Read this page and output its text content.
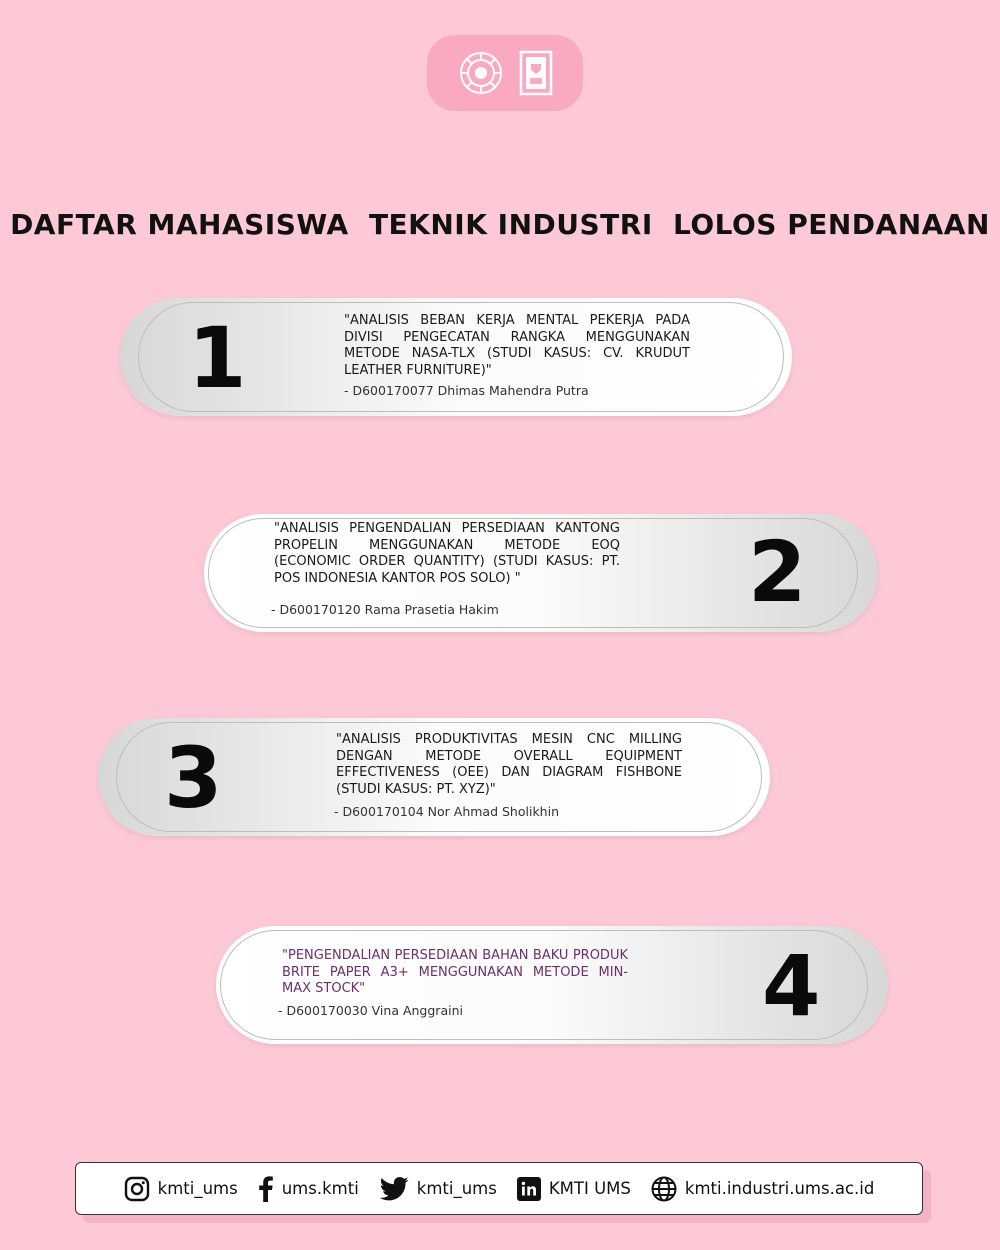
DAFTAR MAHASISWA TEKNIK INDUSTRI LOLOS PENDANAAN
1	"ANALISIS BEBAN KERJA MENTAL PEKERJA PADA DIVISI PENGECATAN RANGKA MENGGUNAKAN METODE NASA-TLX (STUDI KASUS: CV. KRUDUT LEATHER FURNITURE)"
- D600170077 Dhimas Mahendra Putra
"ANALISIS PENGENDALIAN PERSEDIAAN KANTONG PROPELIN MENGGUNAKAN METODE EOQ (ECONOMIC ORDER QUANTITY) (STUDI KASUS: PT. POS INDONESIA KANTOR POS SOLO) "
- D600170120 Rama Prasetia Hakim	2
3	"ANALISIS PRODUKTIVITAS MESIN CNC MILLING DENGAN METODE OVERALL EQUIPMENT EFFECTIVENESS (OEE) DAN DIAGRAM FISHBONE (STUDI KASUS: PT. XYZ)"
- D600170104 Nor Ahmad Sholikhin
"PENGENDALIAN PERSEDIAAN BAHAN BAKU PRODUK BRITE PAPER A3+ MENGGUNAKAN METODE MIN-MAX STOCK"
- D600170030 Vina Anggraini	4
kmti_ums	ums.kmti	kmti_ums	KMTI UMS	kmti.industri.ums.ac.id
